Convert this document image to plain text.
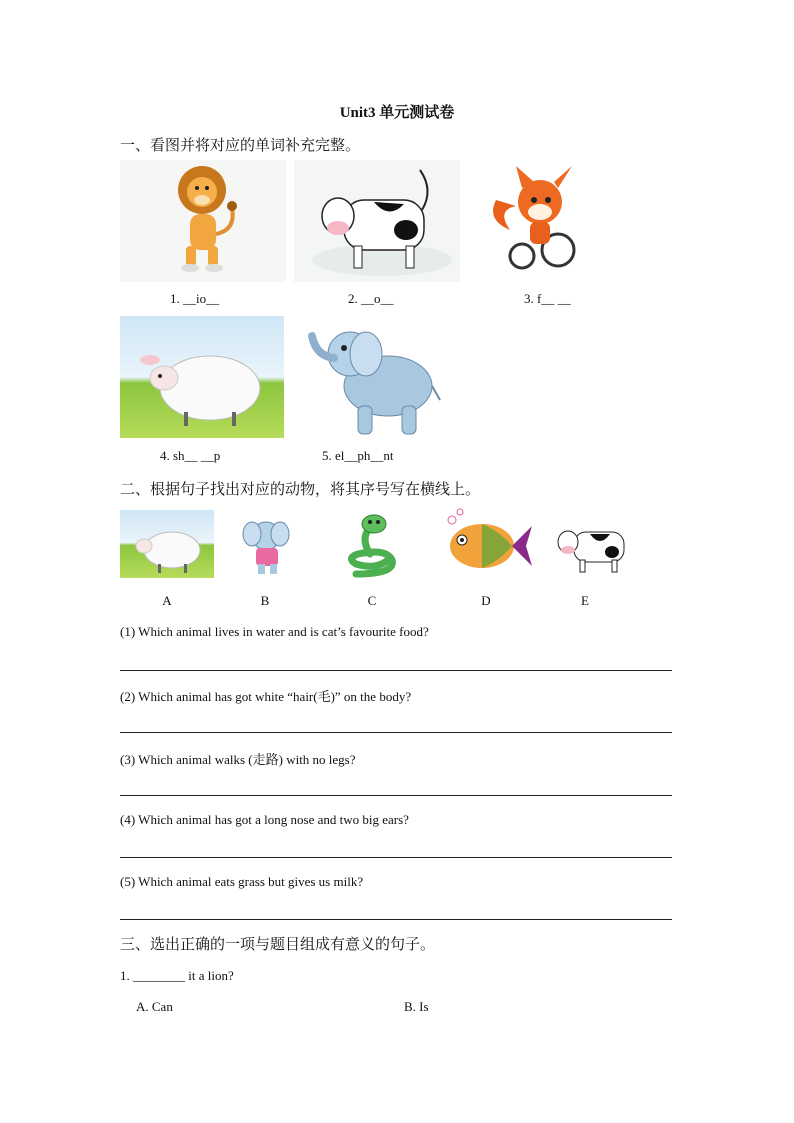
Unit3 单元测试卷
一、看图并将对应的单词补充完整。
1. __io__	2. __o__	3. f__ __
4. sh__ __p	5. el__ph__nt
二、根据句子找出对应的动物，将其序号写在横线上。
A	B	C	D	E
(1) Which animal lives in water and is cat’s favourite food?
(2) Which animal has got white “hair(毛)” on the body?
(3) Which animal walks (走路) with no legs?
(4) Which animal has got a long nose and two big ears?
(5) Which animal eats grass but gives us milk?
三、选出正确的一项与题目组成有意义的句子。
1. ________ it a lion?
A. Can	B. Is
